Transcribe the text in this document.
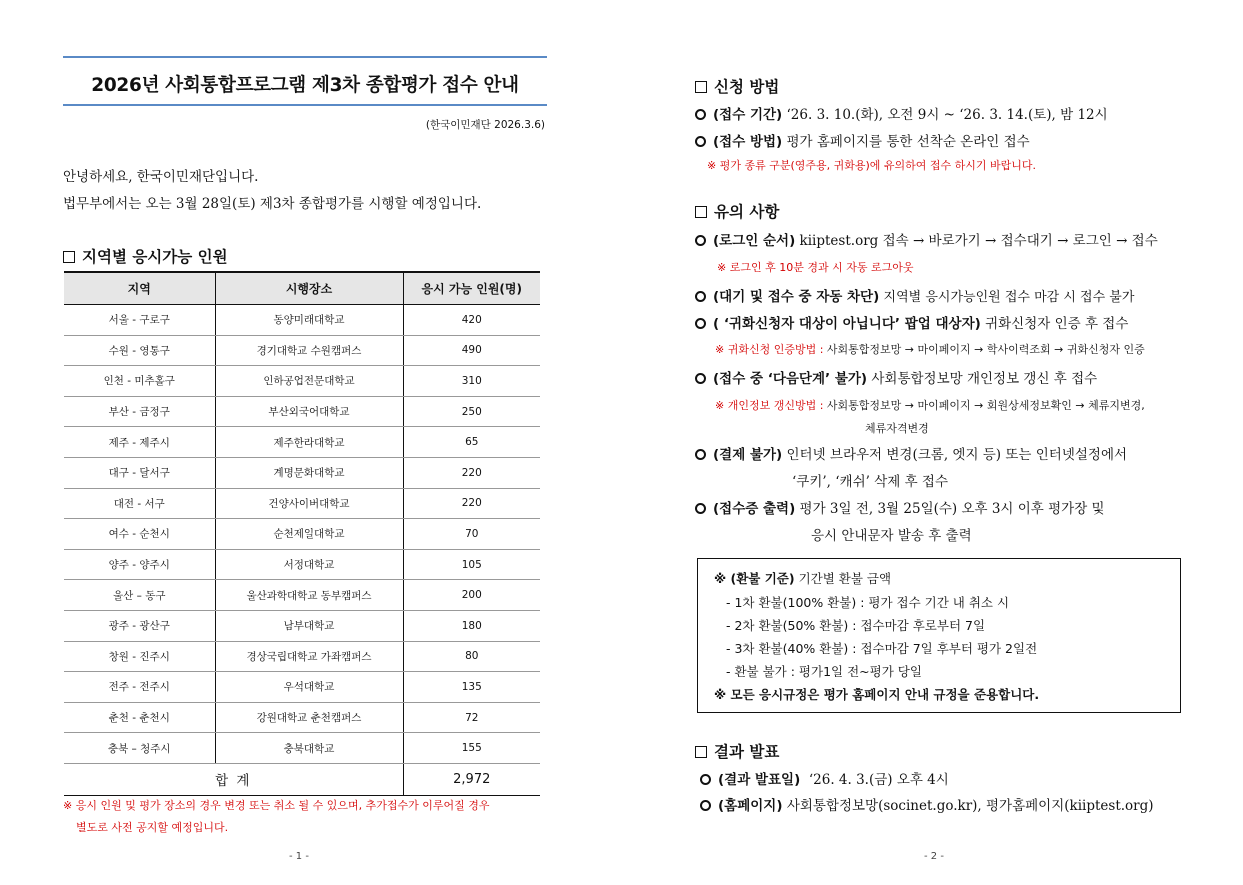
2026년 사회통합프로그램 제3차 종합평가 접수 안내
(한국이민재단 2026.3.6)
안녕하세요, 한국이민재단입니다.
법무부에서는 오는 3월 28일(토) 제3차 종합평가를 시행할 예정입니다.
지역별 응시가능 인원
지역	시행장소	응시 가능 인원(명)
서울 - 구로구	동양미래대학교	420
수원 - 영통구	경기대학교 수원캠퍼스	490
인천 - 미추홀구	인하공업전문대학교	310
부산 - 금정구	부산외국어대학교	250
제주 - 제주시	제주한라대학교	65
대구 - 달서구	계명문화대학교	220
대전 - 서구	건양사이버대학교	220
여수 - 순천시	순천제일대학교	70
양주 - 양주시	서정대학교	105
울산 – 동구	울산과학대학교 동부캠퍼스	200
광주 - 광산구	남부대학교	180
창원 - 진주시	경상국립대학교 가좌캠퍼스	80
전주 - 전주시	우석대학교	135
춘천 - 춘천시	강원대학교 춘천캠퍼스	72
충북 – 청주시	충북대학교	155
합 계		2,972
※ 응시 인원 및 평가 장소의 경우 변경 또는 취소 될 수 있으며, 추가접수가 이루어질 경우
별도로 사전 공지할 예정입니다.
- 1 -
신청 방법
(접수 기간) ‘26. 3. 10.(화), 오전 9시 ~ ‘26. 3. 14.(토), 밤 12시
(접수 방법) 평가 홈페이지를 통한 선착순 온라인 접수
※ 평가 종류 구분(영주용, 귀화용)에 유의하여 접수 하시기 바랍니다.
유의 사항
(로그인 순서) kiiptest.org 접속 → 바로가기 → 접수대기 → 로그인 → 접수
※ 로그인 후 10분 경과 시 자동 로그아웃
(대기 및 접수 중 자동 차단) 지역별 응시가능인원 접수 마감 시 접수 불가
( ‘귀화신청자 대상이 아닙니다’ 팝업 대상자) 귀화신청자 인증 후 접수
※ 귀화신청 인증방법 : 사회통합정보망 → 마이페이지 → 학사이력조회 → 귀화신청자 인증
(접수 중 ‘다음단계’ 불가) 사회통합정보망 개인정보 갱신 후 접수
※ 개인정보 갱신방법 : 사회통합정보망 → 마이페이지 → 회원상세정보확인 → 체류지변경,
체류자격변경
(결제 불가) 인터넷 브라우저 변경(크롬, 엣지 등) 또는 인터넷설정에서
‘쿠키’, ‘캐쉬’ 삭제 후 접수
(접수증 출력) 평가 3일 전, 3월 25일(수) 오후 3시 이후 평가장 및
응시 안내문자 발송 후 출력
※ (환불 기준) 기간별 환불 금액
- 1차 환불(100% 환불) : 평가 접수 기간 내 취소 시
- 2차 환불(50% 환불) : 접수마감 후로부터 7일
- 3차 환불(40% 환불) : 접수마감 7일 후부터 평가 2일전
- 환불 불가 : 평가1일 전~평가 당일
※ 모든 응시규정은 평가 홈페이지 안내 규정을 준용합니다.
결과 발표
(결과 발표일) ‘26. 4. 3.(금) 오후 4시
(홈페이지) 사회통합정보망(socinet.go.kr), 평가홈페이지(kiiptest.org)
- 2 -
